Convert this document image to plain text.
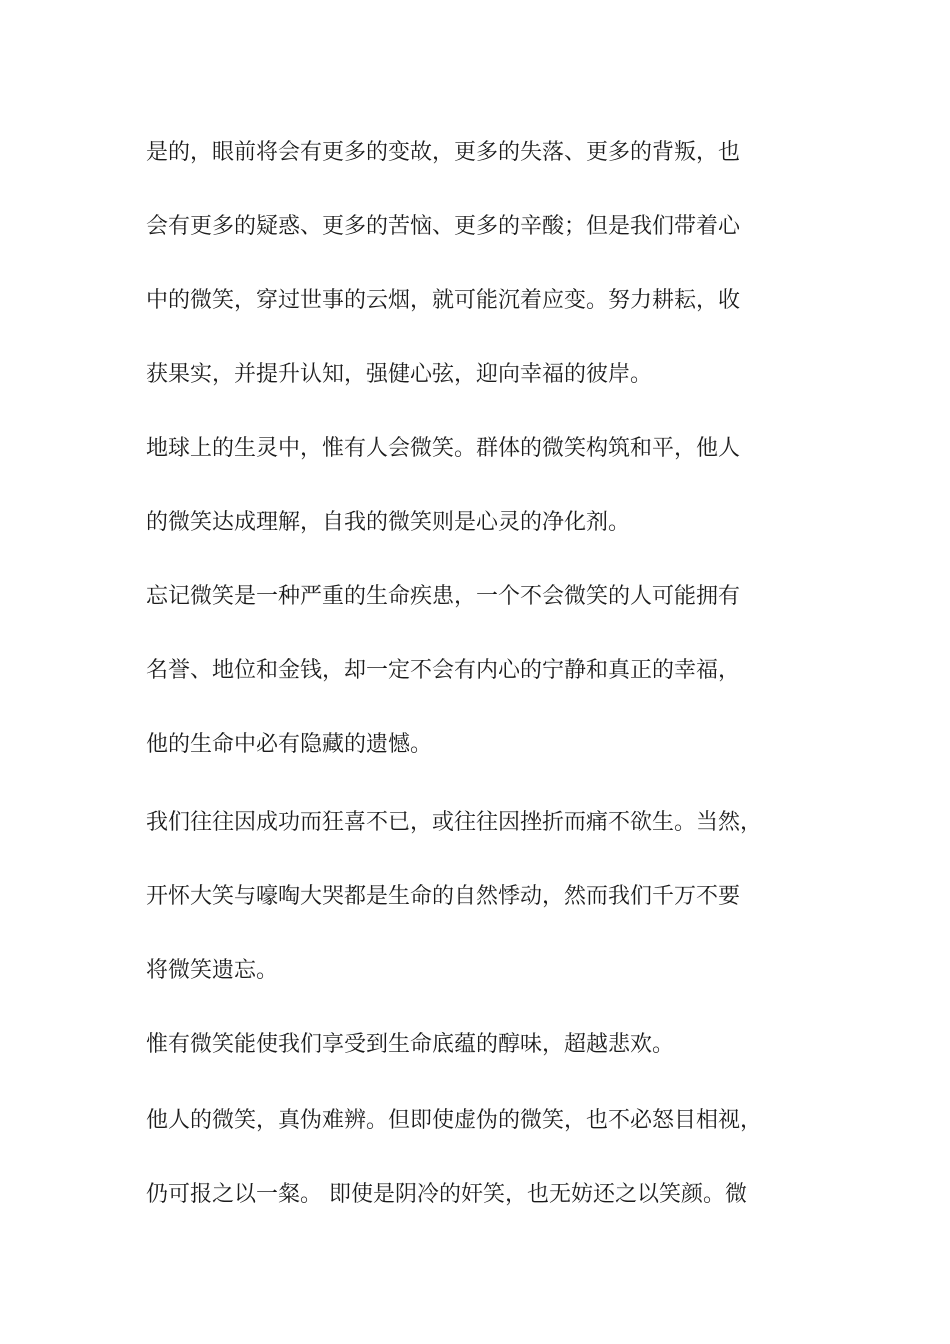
是的，眼前将会有更多的变故，更多的失落、更多的背叛，也
会有更多的疑惑、更多的苦恼、更多的辛酸；但是我们带着心
中的微笑，穿过世事的云烟，就可能沉着应变。努力耕耘，收
获果实，并提升认知，强健心弦，迎向幸福的彼岸。
地球上的生灵中，惟有人会微笑。群体的微笑构筑和平，他人
的微笑达成理解，自我的微笑则是心灵的净化剂。
忘记微笑是一种严重的生命疾患，一个不会微笑的人可能拥有
名誉、地位和金钱，却一定不会有内心的宁静和真正的幸福，
他的生命中必有隐藏的遗憾。
我们往往因成功而狂喜不已，或往往因挫折而痛不欲生。当然，
开怀大笑与嚎啕大哭都是生命的自然悸动，然而我们千万不要
将微笑遗忘。
惟有微笑能使我们享受到生命底蕴的醇味，超越悲欢。
他人的微笑，真伪难辨。但即使虚伪的微笑，也不必怒目相视，
仍可报之以一粲。 即使是阴冷的奸笑，也无妨还之以笑颜。微
